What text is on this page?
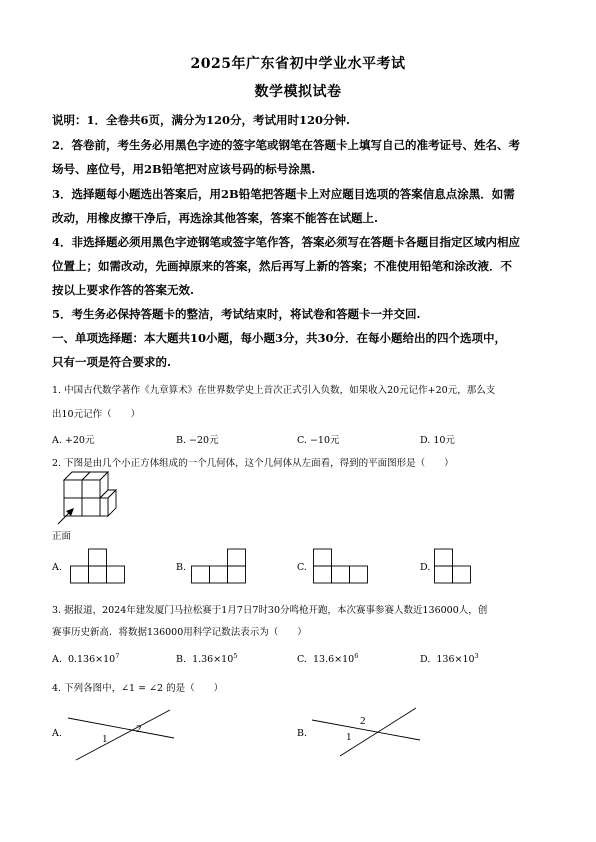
2025年广东省初中学业水平考试
数学模拟试卷
说明：1．全卷共6页，满分为120分，考试用时120分钟.
2．答卷前，考生务必用黑色字迹的签字笔或钢笔在答题卡上填写自己的准考证号、姓名、考
场号、座位号，用2B铅笔把对应该号码的标号涂黑.
3．选择题每小题选出答案后，用2B铅笔把答题卡上对应题目选项的答案信息点涂黑．如需
改动，用橡皮擦干净后，再选涂其他答案，答案不能答在试题上.
4．非选择题必须用黑色字迹钢笔或签字笔作答，答案必须写在答题卡各题目指定区域内相应
位置上；如需改动，先画掉原来的答案，然后再写上新的答案；不准使用铅笔和涂改液．不
按以上要求作答的答案无效.
5．考生务必保持答题卡的整洁，考试结束时，将试卷和答题卡一并交回.
一、单项选择题：本大题共10小题，每小题3分，共30分．在每小题给出的四个选项中，
只有一项是符合要求的.
1. 中国古代数学著作《九章算术》在世界数学史上首次正式引入负数，如果收入20元记作+20元，那么支
出10元记作（　　）
A. +20元	B. −20元	C. −10元	D. 10元
2. 下图是由几个小正方体组成的一个几何体，这个几何体从左面看，得到的平面图形是（　　）
正面
A.	B.	C.	D.
3. 据报道，2024年建发厦门马拉松赛于1月7日7时30分鸣枪开跑，本次赛事参赛人数近136000人，创
赛事历史新高．将数据136000用科学记数法表示为（　　）
A. $0.136\times 10^7$	B. $1.36\times 10^5$	C. $13.6\times 10^6$	D. $136\times 10^3$
4. 下列各图中，∠1 = ∠2 的是（　　）
A.	1
2	B.	1
2
